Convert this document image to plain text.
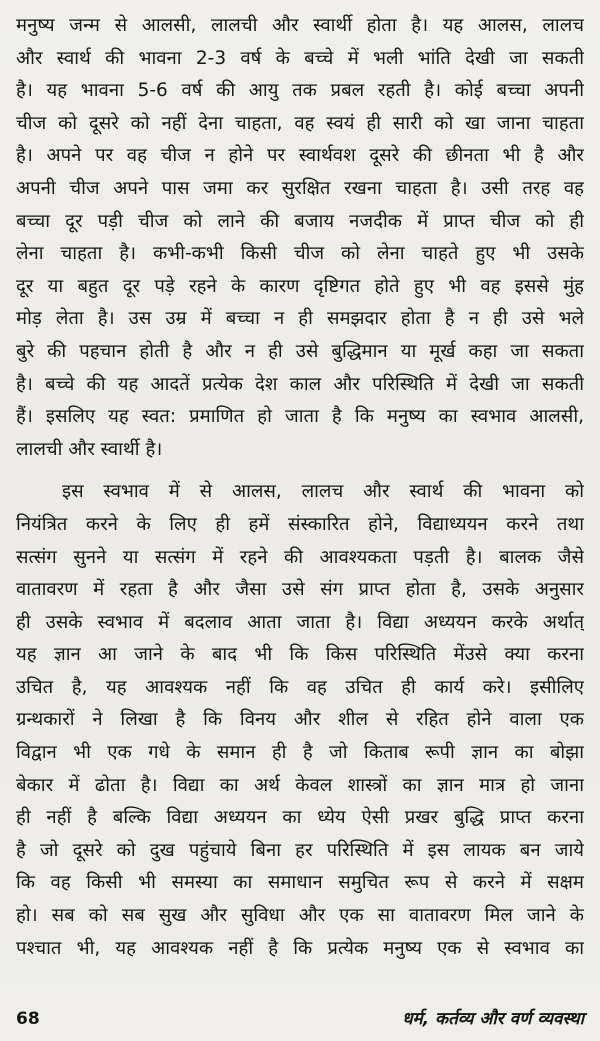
मनुष्य जन्म से आलसी, लालची और स्वार्थी होता है। यह आलस, लालच
और स्वार्थ की भावना 2-3 वर्ष के बच्चे में भली भांति देखी जा सकती
है। यह भावना 5-6 वर्ष की आयु तक प्रबल रहती है। कोई बच्चा अपनी
चीज को दूसरे को नहीं देना चाहता, वह स्वयं ही सारी को खा जाना चाहता
है। अपने पर वह चीज न होने पर स्वार्थवश दूसरे की छीनता भी है और
अपनी चीज अपने पास जमा कर सुरक्षित रखना चाहता है। उसी तरह वह
बच्चा दूर पड़ी चीज को लाने की बजाय नजदीक में प्राप्त चीज को ही
लेना चाहता है। कभी-कभी किसी चीज को लेना चाहते हुए भी उसके
दूर या बहुत दूर पड़े रहने के कारण दृष्टिगत होते हुए भी वह इससे मुंह
मोड़ लेता है। उस उम्र में बच्चा न ही समझदार होता है न ही उसे भले
बुरे की पहचान होती है और न ही उसे बुद्धिमान या मूर्ख कहा जा सकता
है। बच्चे की यह आदतें प्रत्येक देश काल और परिस्थिति में देखी जा सकती
हैं। इसलिए यह स्वत: प्रमाणित हो जाता है कि मनुष्य का स्वभाव आलसी,
लालची और स्वार्थी है।
इस स्वभाव में से आलस, लालच और स्वार्थ की भावना को
नियंत्रित करने के लिए ही हमें संस्कारित होने, विद्याध्ययन करने तथा
सत्संग सुनने या सत्संग में रहने की आवश्यकता पड़ती है। बालक जैसे
वातावरण में रहता है और जैसा उसे संग प्राप्त होता है, उसके अनुसार
ही उसके स्वभाव में बदलाव आता जाता है। विद्या अध्ययन करके अर्थात्
यह ज्ञान आ जाने के बाद भी कि किस परिस्थिति मेंउसे क्या करना
उचित है, यह आवश्यक नहीं कि वह उचित ही कार्य करे। इसीलिए
ग्रन्थकारों ने लिखा है कि विनय और शील से रहित होने वाला एक
विद्वान भी एक गधे के समान ही है जो किताब रूपी ज्ञान का बोझा
बेकार में ढोता है। विद्या का अर्थ केवल शास्त्रों का ज्ञान मात्र हो जाना
ही नहीं है बल्कि विद्या अध्ययन का ध्येय ऐसी प्रखर बुद्धि प्राप्त करना
है जो दूसरे को दुख पहुंचाये बिना हर परिस्थिति में इस लायक बन जाये
कि वह किसी भी समस्या का समाधान समुचित रूप से करने में सक्षम
हो। सब को सब सुख और सुविधा और एक सा वातावरण मिल जाने के
पश्चात भी, यह आवश्यक नहीं है कि प्रत्येक मनुष्य एक से स्वभाव का
68	धर्म, कर्तव्य और वर्ण व्यवस्था
